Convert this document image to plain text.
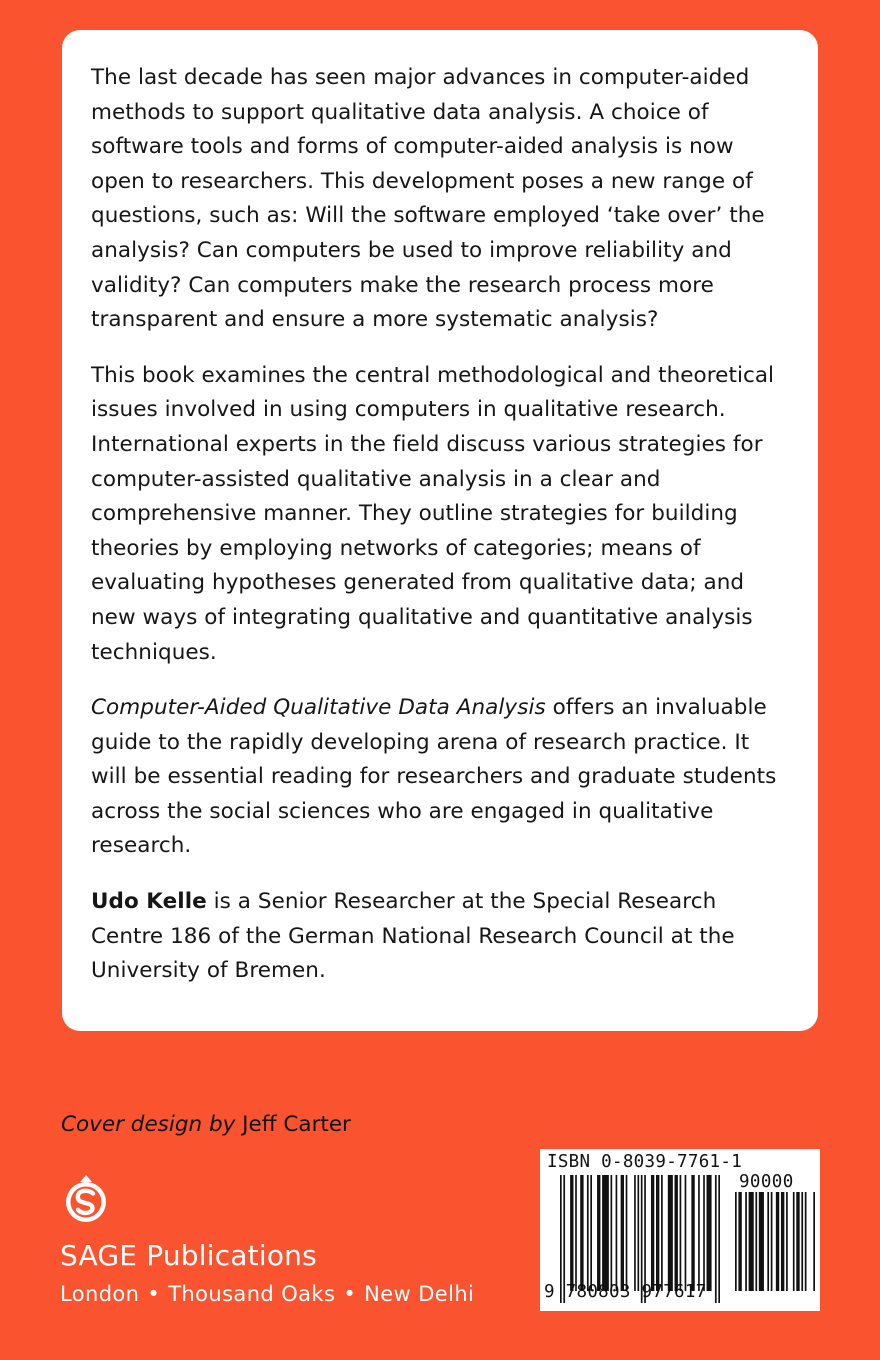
The last decade has seen major advances in computer-aided methods to support qualitative data analysis. A choice of software tools and forms of computer-aided analysis is now open to researchers. This development poses a new range of questions, such as: Will the software employed ‘take over’ the analysis? Can computers be used to improve reliability and validity? Can computers make the research process more transparent and ensure a more systematic analysis?

This book examines the central methodological and theoretical issues involved in using computers in qualitative research. International experts in the field discuss various strategies for computer-assisted qualitative analysis in a clear and comprehensive manner. They outline strategies for building theories by employing networks of categories; means of evaluating hypotheses generated from qualitative data; and new ways of integrating qualitative and quantitative analysis techniques.

Computer-Aided Qualitative Data Analysis offers an invaluable guide to the rapidly developing arena of research practice. It will be essential reading for researchers and graduate students across the social sciences who are engaged in qualitative research.

Udo Kelle is a Senior Researcher at the Special Research Centre 186 of the German National Research Council at the University of Bremen.

Cover design by Jeff Carter
SAGE Publications
London • Thousand Oaks • New Delhi
ISBN 0-8039-7761-1
90000
9 780803 977617
